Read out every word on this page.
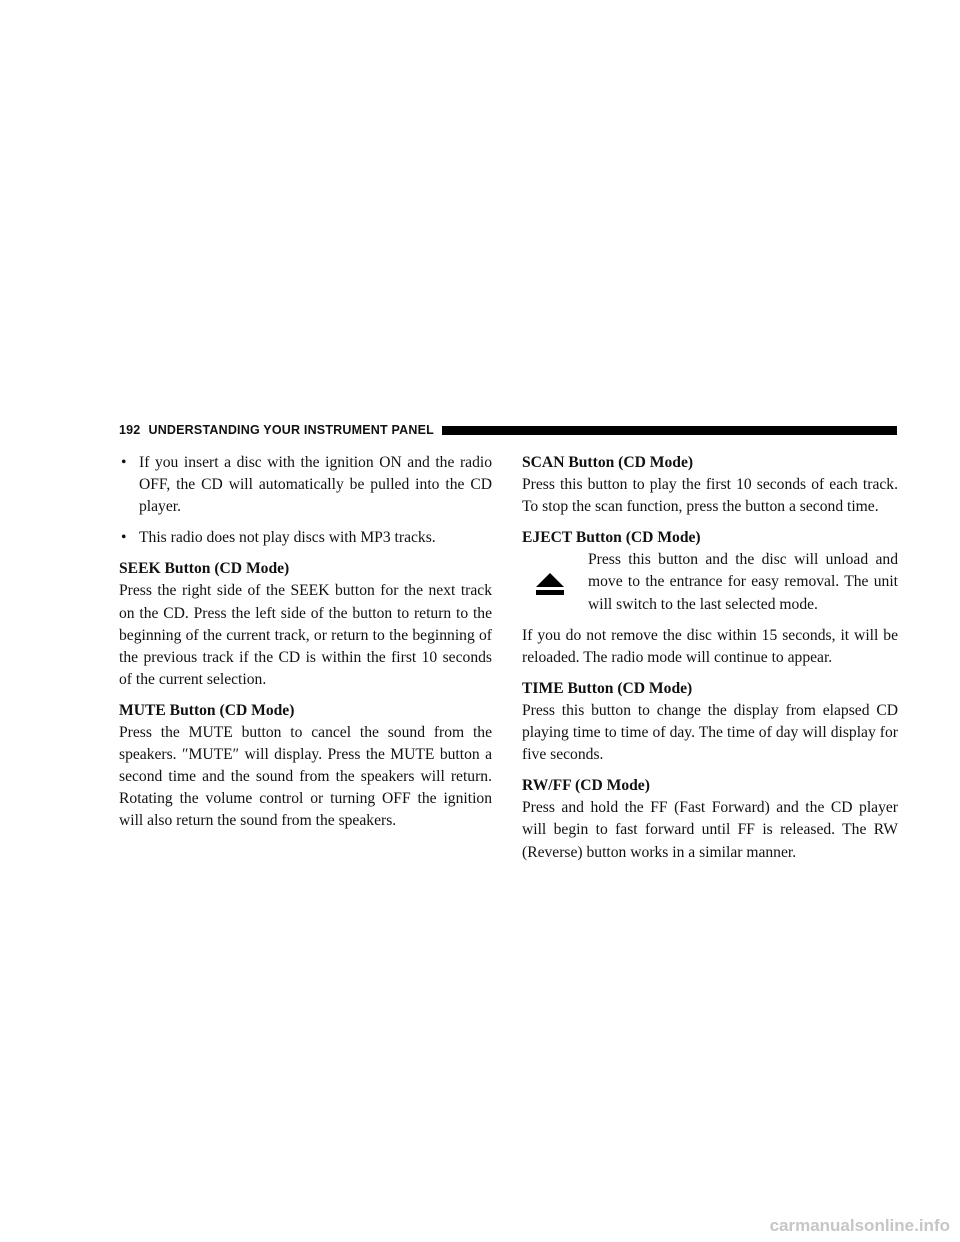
192 UNDERSTANDING YOUR INSTRUMENT PANEL
• If you insert a disc with the ignition ON and the radio OFF, the CD will automatically be pulled into the CD player.

• This radio does not play discs with MP3 tracks.

SEEK Button (CD Mode)

Press the right side of the SEEK button for the next track on the CD. Press the left side of the button to return to the beginning of the current track, or return to the beginning of the previous track if the CD is within the first 10 seconds of the current selection.

MUTE Button (CD Mode)

Press the MUTE button to cancel the sound from the speakers. ″MUTE″ will display. Press the MUTE button a second time and the sound from the speakers will return. Rotating the volume control or turning OFF the ignition will also return the sound from the speakers.

SCAN Button (CD Mode)

Press this button to play the first 10 seconds of each track. To stop the scan function, press the button a second time.

EJECT Button (CD Mode)

Press this button and the disc will unload and move to the entrance for easy removal. The unit will switch to the last selected mode.

If you do not remove the disc within 15 seconds, it will be reloaded. The radio mode will continue to appear.

TIME Button (CD Mode)

Press this button to change the display from elapsed CD playing time to time of day. The time of day will display for five seconds.

RW/FF (CD Mode)

Press and hold the FF (Fast Forward) and the CD player will begin to fast forward until FF is released. The RW (Reverse) button works in a similar manner.

carmanualsonline.info
